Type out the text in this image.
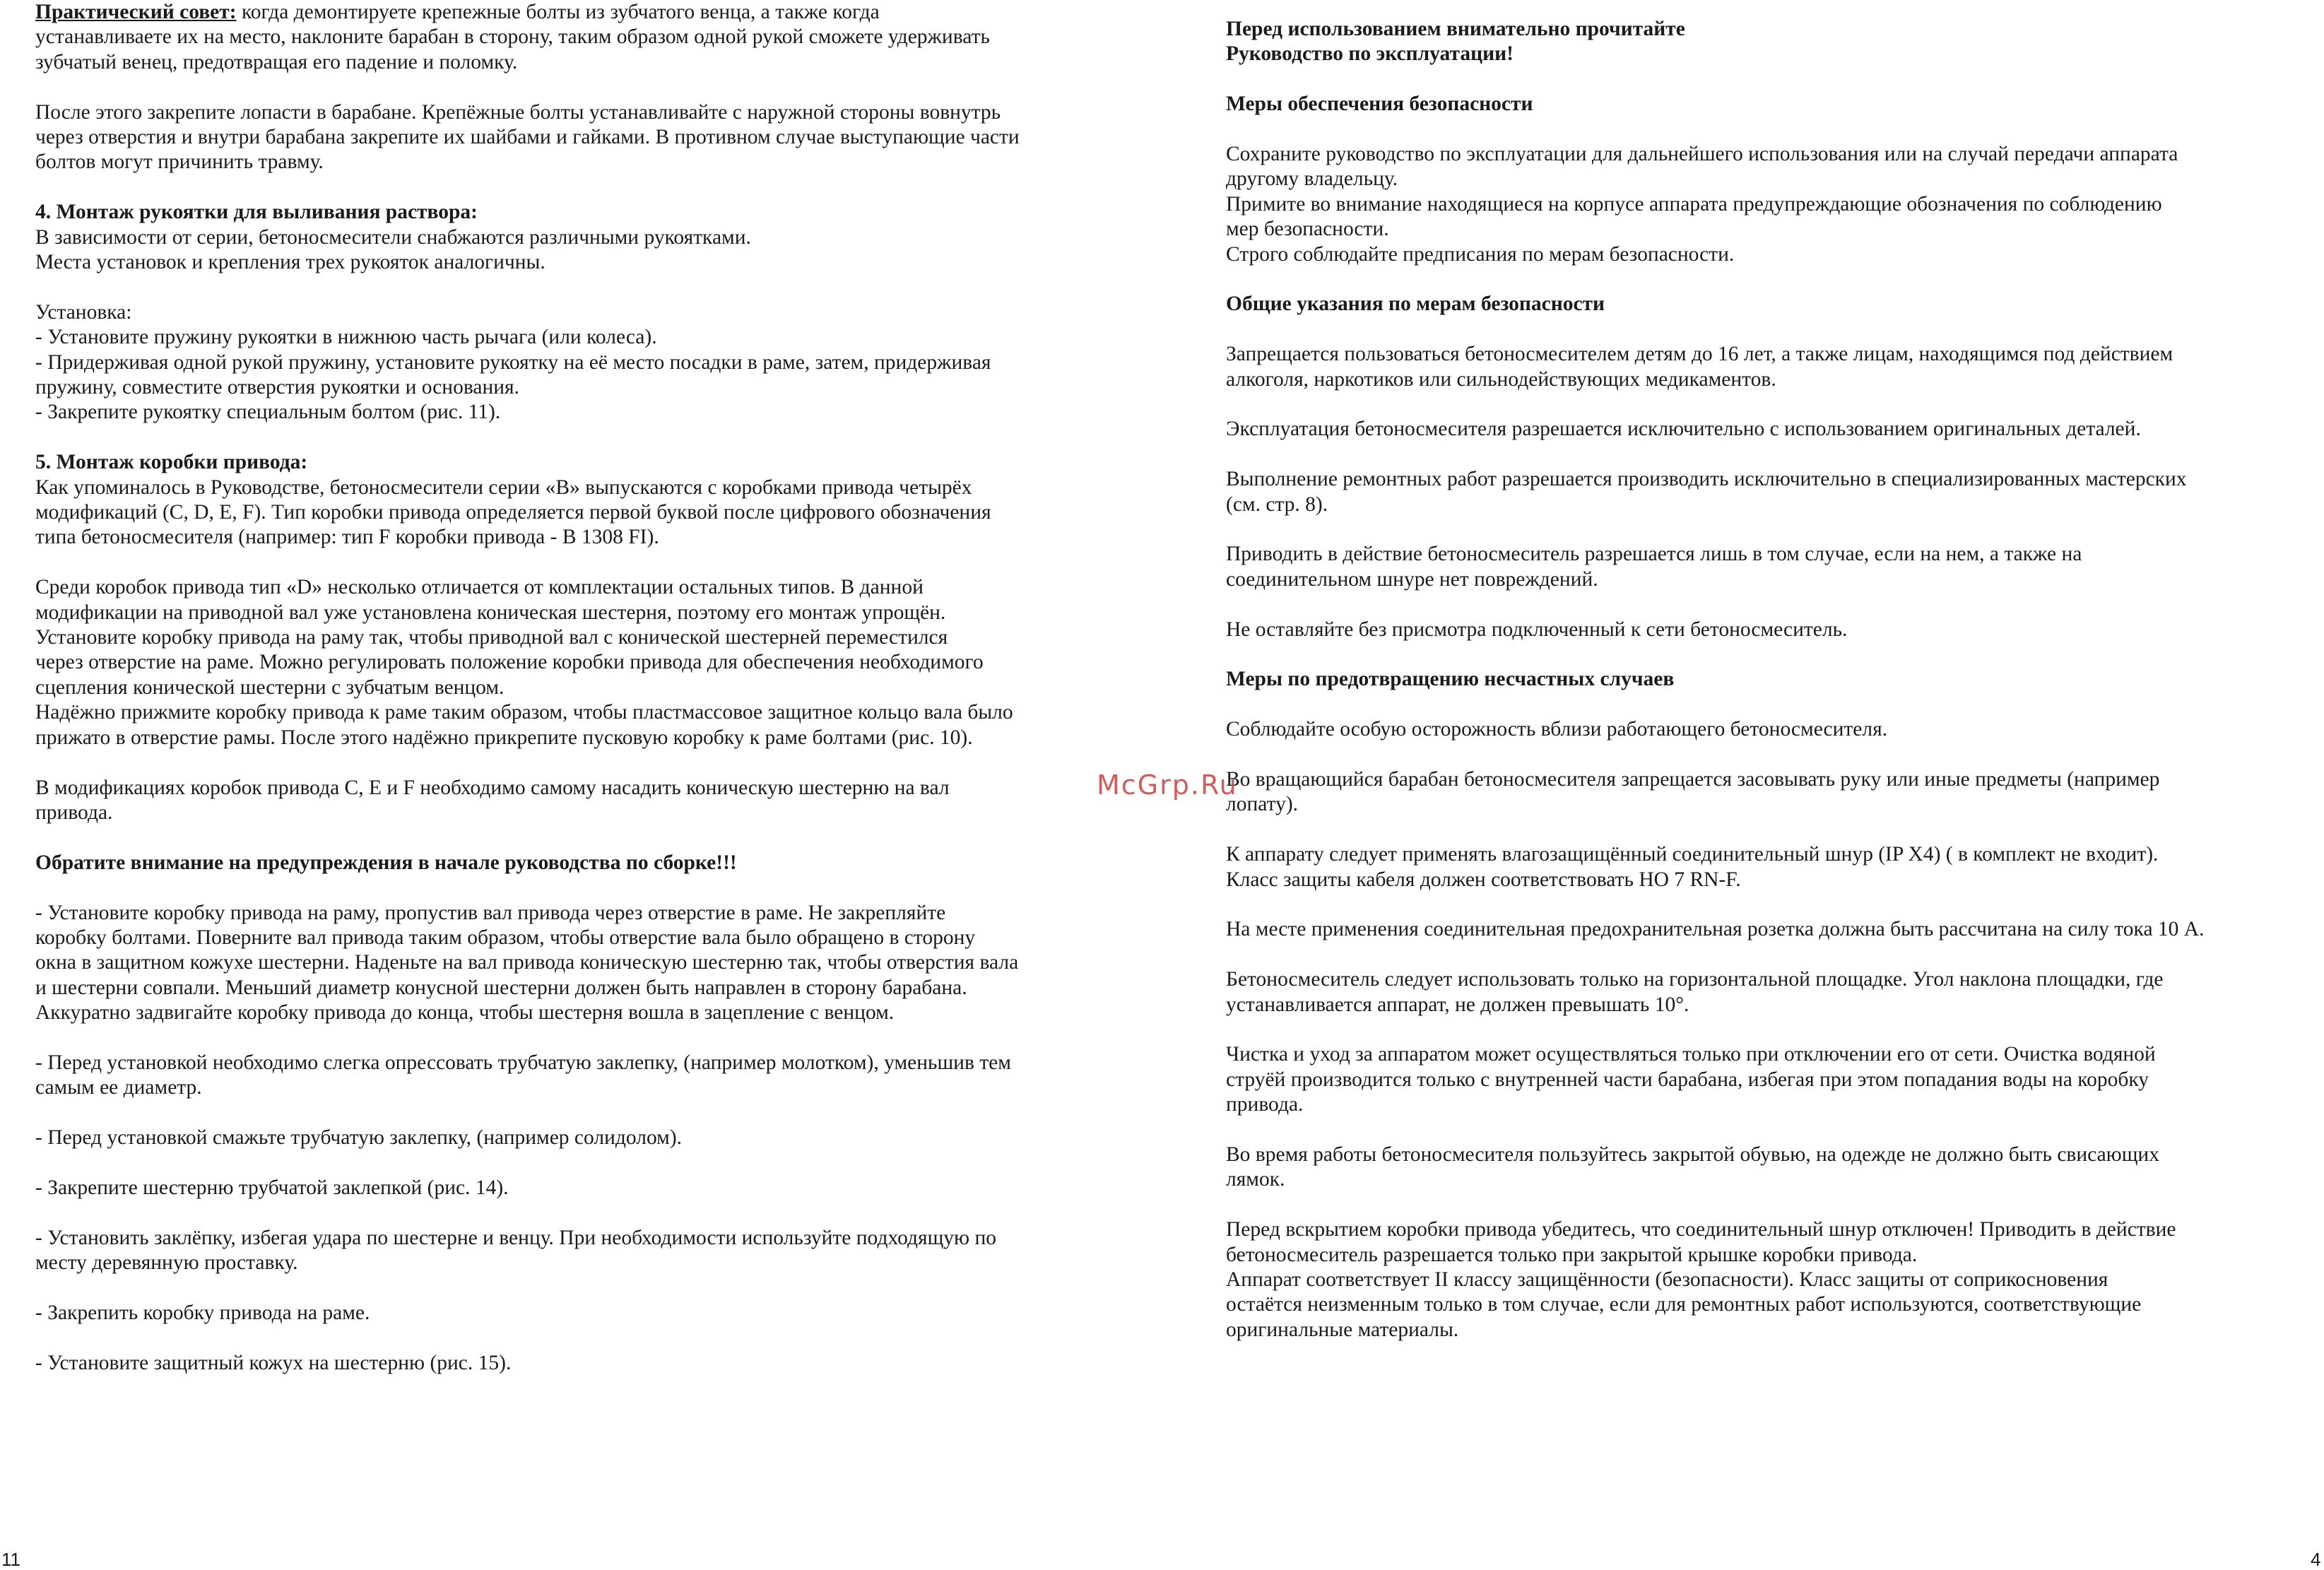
Практический совет: когда демонтируете крепежные болты из зубчатого венца, а также когда
устанавливаете их на место, наклоните барабан в сторону, таким образом одной рукой сможете удерживать
зубчатый венец, предотвращая его падение и поломку.
После этого закрепите лопасти в барабане. Крепёжные болты устанавливайте с наружной стороны вовнутрь
через отверстия и внутри барабана закрепите их шайбами и гайками. В противном случае выступающие части
болтов могут причинить травму.
4. Монтаж рукоятки для выливания раствора:
В зависимости от серии, бетоносмесители снабжаются различными рукоятками.
Места установок и крепления трех рукояток аналогичны.
Установка:
- Установите пружину рукоятки в нижнюю часть рычага (или колеса).
- Придерживая одной рукой пружину, установите рукоятку на её место посадки в раме, затем, придерживая
пружину, совместите отверстия рукоятки и основания.
- Закрепите рукоятку специальным болтом (рис. 11).
5. Монтаж коробки привода:
Как упоминалось в Руководстве, бетоносмесители серии «В» выпускаются с коробками привода четырёх
модификаций (C, D, E, F). Тип коробки привода определяется первой буквой после цифрового обозначения
типа бетоносмесителя (например: тип F коробки привода - B 1308 FI).
Среди коробок привода тип «D» несколько отличается от комплектации остальных типов. В данной
модификации на приводной вал уже установлена коническая шестерня, поэтому его монтаж упрощён.
Установите коробку привода на раму так, чтобы приводной вал с конической шестерней переместился
через отверстие на раме. Можно регулировать положение коробки привода для обеспечения необходимого
сцепления конической шестерни с зубчатым венцом.
Надёжно прижмите коробку привода к раме таким образом, чтобы пластмассовое защитное кольцо вала было
прижато в отверстие рамы. После этого надёжно прикрепите пусковую коробку к раме болтами (рис. 10).
В модификациях коробок привода C, E и F необходимо самому насадить коническую шестерню на вал
привода.
Обратите внимание на предупреждения в начале руководства по сборке!!!
- Установите коробку привода на раму, пропустив вал привода через отверстие в раме. Не закрепляйте
коробку болтами. Поверните вал привода таким образом, чтобы отверстие вала было обращено в сторону
окна в защитном кожухе шестерни. Наденьте на вал привода коническую шестерню так, чтобы отверстия вала
и шестерни совпали. Меньший диаметр конусной шестерни должен быть направлен в сторону барабана.
Аккуратно задвигайте коробку привода до конца, чтобы шестерня вошла в зацепление с венцом.
- Перед установкой необходимо слегка опрессовать трубчатую заклепку, (например молотком), уменьшив тем
самым ее диаметр.
- Перед установкой смажьте трубчатую заклепку, (например солидолом).
- Закрепите шестерню трубчатой заклепкой (рис. 14).
- Установить заклёпку, избегая удара по шестерне и венцу. При необходимости используйте подходящую по
месту деревянную проставку.
- Закрепить коробку привода на раме.
- Установите защитный кожух на шестерню (рис. 15).
Перед использованием внимательно прочитайте
Руководство по эксплуатации!
Меры обеспечения безопасности
Сохраните руководство по эксплуатации для дальнейшего использования или на случай передачи аппарата
другому владельцу.
Примите во внимание находящиеся на корпусе аппарата предупреждающие обозначения по соблюдению
мер безопасности.
Строго соблюдайте предписания по мерам безопасности.
Общие указания по мерам безопасности
Запрещается пользоваться бетоносмесителем детям до 16 лет, а также лицам, находящимся под действием
алкоголя, наркотиков или сильнодействующих медикаментов.
Эксплуатация бетоносмесителя разрешается исключительно с использованием оригинальных деталей.
Выполнение ремонтных работ разрешается производить исключительно в специализированных мастерских
(см. стр. 8).
Приводить в действие бетоносмеситель разрешается лишь в том случае, если на нем, а также на
соединительном шнуре нет повреждений.
Не оставляйте без присмотра подключенный к сети бетоносмеситель.
Меры по предотвращению несчастных случаев
Соблюдайте особую осторожность вблизи работающего бетоносмесителя.
Во вращающийся барабан бетоносмесителя запрещается засовывать руку или иные предметы (например
лопату).
К аппарату следует применять влагозащищённый соединительный шнур (IP X4) ( в комплект не входит).
Класс защиты кабеля должен соответствовать НО 7 RN-F.
На месте применения соединительная предохранительная розетка должна быть рассчитана на силу тока 10 А.
Бетоносмеситель следует использовать только на горизонтальной площадке. Угол наклона площадки, где
устанавливается аппарат, не должен превышать 10°.
Чистка и уход за аппаратом может осуществляться только при отключении его от сети. Очистка водяной
струёй производится только с внутренней части барабана, избегая при этом попадания воды на коробку
привода.
Во время работы бетоносмесителя пользуйтесь закрытой обувью, на одежде не должно быть свисающих
лямок.
Перед вскрытием коробки привода убедитесь, что соединительный шнур отключен! Приводить в действие
бетоносмеситель разрешается только при закрытой крышке коробки привода.
Аппарат соответствует II классу защищённости (безопасности). Класс защиты от соприкосновения
остаётся неизменным только в том случае, если для ремонтных работ используются, соответствующие
оригинальные материалы.
McGrp.Ru
11	4
